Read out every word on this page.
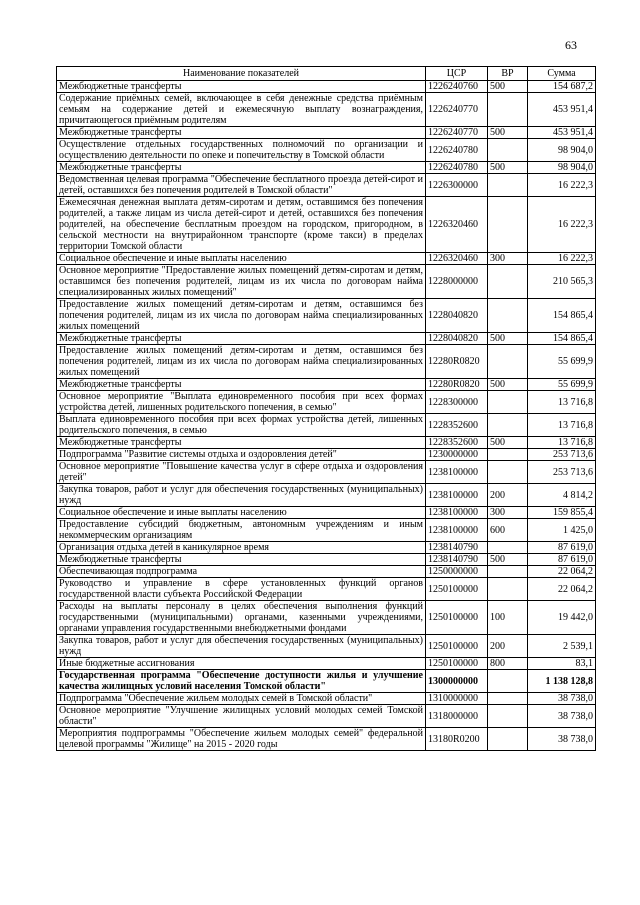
63
Наименование показателей	ЦСР	ВР	Сумма
Межбюджетные трансферты	1226240760	500	154 687,2
Содержание приёмных семей, включающее в себя денежные средства приёмным семьям на содержание детей и ежемесячную выплату вознаграждения, причитающегося приёмным родителям	1226240770		453 951,4
Межбюджетные трансферты	1226240770	500	453 951,4
Осуществление отдельных государственных полномочий по организации и осуществлению деятельности по опеке и попечительству в Томской области	1226240780		98 904,0
Межбюджетные трансферты	1226240780	500	98 904,0
Ведомственная целевая программа "Обеспечение бесплатного проезда детей-сирот и детей, оставшихся без попечения родителей в Томской области"	1226300000		16 222,3
Ежемесячная денежная выплата детям-сиротам и детям, оставшимся без попечения родителей, а также лицам из числа детей-сирот и детей, оставшихся без попечения родителей, на обеспечение бесплатным проездом на городском, пригородном, в сельской местности на внутрирайонном транспорте (кроме такси) в пределах территории Томской области	1226320460		16 222,3
Социальное обеспечение и иные выплаты населению	1226320460	300	16 222,3
Основное мероприятие "Предоставление жилых помещений детям-сиротам и детям, оставшимся без попечения родителей, лицам из их числа по договорам найма специализированных жилых помещений"	1228000000		210 565,3
Предоставление жилых помещений детям-сиротам и детям, оставшимся без попечения родителей, лицам из их числа по договорам найма специализированных жилых помещений	1228040820		154 865,4
Межбюджетные трансферты	1228040820	500	154 865,4
Предоставление жилых помещений детям-сиротам и детям, оставшимся без попечения родителей, лицам из их числа по договорам найма специализированных жилых помещений	12280R0820		55 699,9
Межбюджетные трансферты	12280R0820	500	55 699,9
Основное мероприятие "Выплата единовременного пособия при всех формах устройства детей, лишенных родительского попечения, в семью"	1228300000		13 716,8
Выплата единовременного пособия при всех формах устройства детей, лишенных родительского попечения, в семью	1228352600		13 716,8
Межбюджетные трансферты	1228352600	500	13 716,8
Подпрограмма "Развитие системы отдыха и оздоровления детей"	1230000000		253 713,6
Основное мероприятие "Повышение качества услуг в сфере отдыха и оздоровления детей"	1238100000		253 713,6
Закупка товаров, работ и услуг для обеспечения государственных (муниципальных) нужд	1238100000	200	4 814,2
Социальное обеспечение и иные выплаты населению	1238100000	300	159 855,4
Предоставление субсидий бюджетным, автономным учреждениям и иным некоммерческим организациям	1238100000	600	1 425,0
Организация отдыха детей в каникулярное время	1238140790		87 619,0
Межбюджетные трансферты	1238140790	500	87 619,0
Обеспечивающая подпрограмма	1250000000		22 064,2
Руководство и управление в сфере установленных функций органов государственной власти субъекта Российской Федерации	1250100000		22 064,2
Расходы на выплаты персоналу в целях обеспечения выполнения функций государственными (муниципальными) органами, казенными учреждениями, органами управления государственными внебюджетными фондами	1250100000	100	19 442,0
Закупка товаров, работ и услуг для обеспечения государственных (муниципальных) нужд	1250100000	200	2 539,1
Иные бюджетные ассигнования	1250100000	800	83,1
Государственная программа "Обеспечение доступности жилья и улучшение качества жилищных условий населения Томской области"	1300000000		1 138 128,8
Подпрограмма "Обеспечение жильем молодых семей в Томской области"	1310000000		38 738,0
Основное мероприятие "Улучшение жилищных условий молодых семей Томской области"	1318000000		38 738,0
Мероприятия подпрограммы "Обеспечение жильем молодых семей" федеральной целевой программы "Жилище" на 2015 - 2020 годы	13180R0200		38 738,0
